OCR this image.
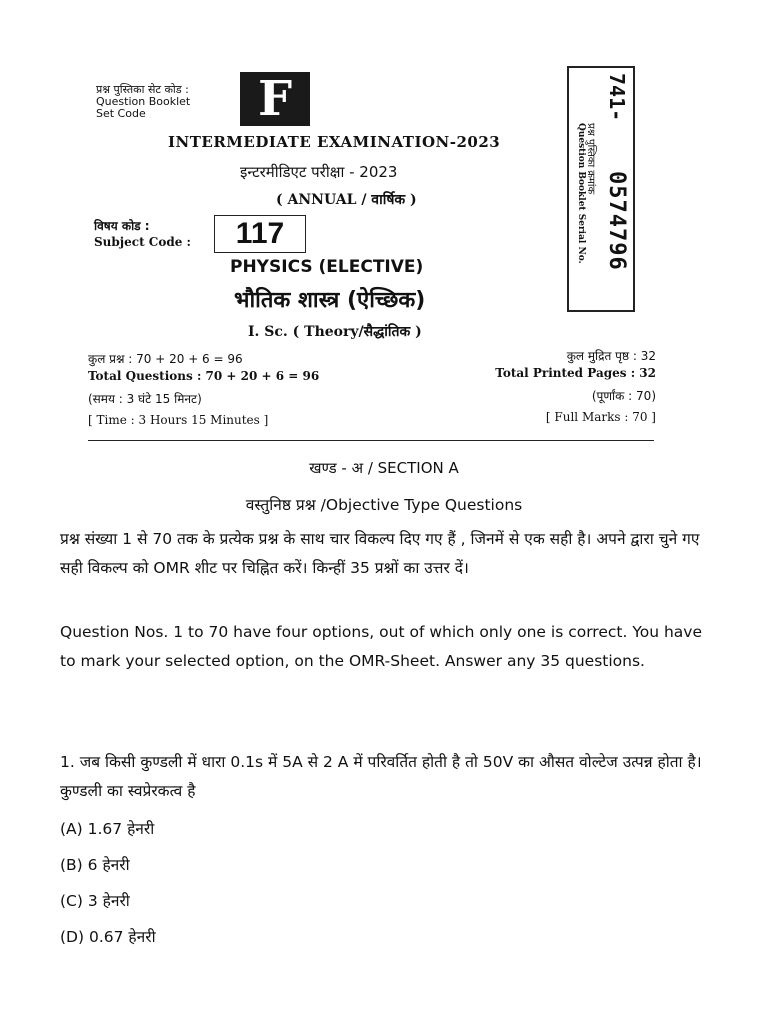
प्रश्न पुस्तिका सेट कोड :
Question Booklet
Set Code	F	741-
0574796
प्रश्न पुस्तिका क्रमांक
Question Booklet Serial No.
INTERMEDIATE EXAMINATION-2023
इन्टरमीडिएट परीक्षा - 2023
( ANNUAL / वार्षिक )
विषय कोड :
Subject Code :	117
PHYSICS (ELECTIVE)
भौतिक शास्त्र (ऐच्छिक)
I. Sc. ( Theory/सैद्धांतिक )
कुल प्रश्न : 70 + 20 + 6 = 96
Total Questions : 70 + 20 + 6 = 96
(समय : 3 घंटे 15 मिनट)
[ Time : 3 Hours 15 Minutes ]
कुल मुद्रित पृष्ठ : 32
Total Printed Pages : 32
(पूर्णांक : 70)
[ Full Marks : 70 ]
खण्ड - अ / SECTION A
वस्तुनिष्ठ प्रश्न /Objective Type Questions
प्रश्न संख्या 1 से 70 तक के प्रत्येक प्रश्न के साथ चार विकल्प दिए गए हैं , जिनमें से एक सही है। अपने द्वारा चुने गए सही विकल्प को OMR शीट पर चिह्नित करें। किन्हीं 35 प्रश्नों का उत्तर दें।
Question Nos. 1 to 70 have four options, out of which only one is correct. You have to mark your selected option, on the OMR-Sheet. Answer any 35 questions.
1. जब किसी कुण्डली में धारा 0.1s में 5A से 2 A में परिवर्तित होती है तो 50V का औसत वोल्टेज उत्पन्न होता है। कुण्डली का स्वप्रेरकत्व है
(A) 1.67 हेनरी
(B) 6 हेनरी
(C) 3 हेनरी
(D) 0.67 हेनरी
